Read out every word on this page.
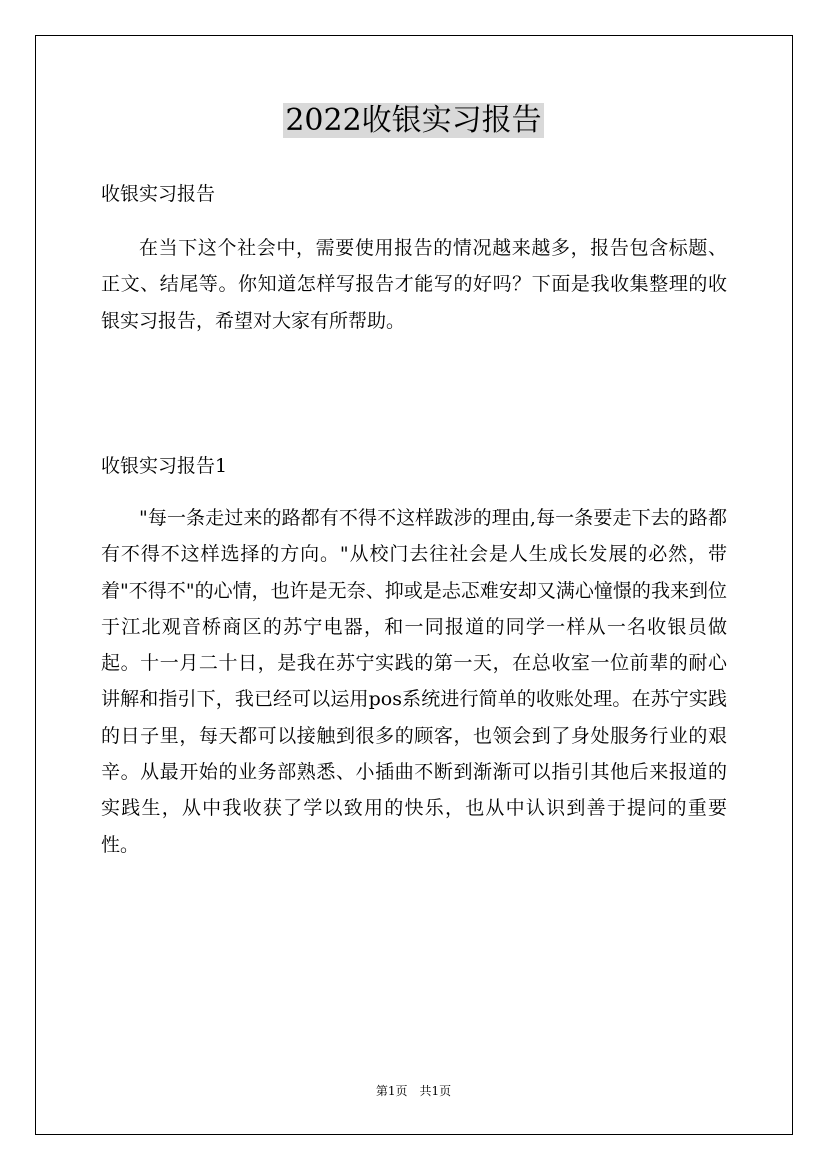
2022收银实习报告
收银实习报告
在当下这个社会中，需要使用报告的情况越来越多，报告包含标题、正文、结尾等。你知道怎样写报告才能写的好吗？下面是我收集整理的收银实习报告，希望对大家有所帮助。
收银实习报告1
"每一条走过来的路都有不得不这样跋涉的理由,每一条要走下去的路都有不得不这样选择的方向。"从校门去往社会是人生成长发展的必然，带着"不得不"的心情，也许是无奈、抑或是忐忑难安却又满心憧憬的我来到位于江北观音桥商区的苏宁电器，和一同报道的同学一样从一名收银员做起。十一月二十日，是我在苏宁实践的第一天，在总收室一位前辈的耐心讲解和指引下，我已经可以运用pos系统进行简单的收账处理。在苏宁实践的日子里，每天都可以接触到很多的顾客，也领会到了身处服务行业的艰辛。从最开始的业务部熟悉、小插曲不断到渐渐可以指引其他后来报道的实践生，从中我收获了学以致用的快乐，也从中认识到善于提问的重要性。
第1页　共1页
